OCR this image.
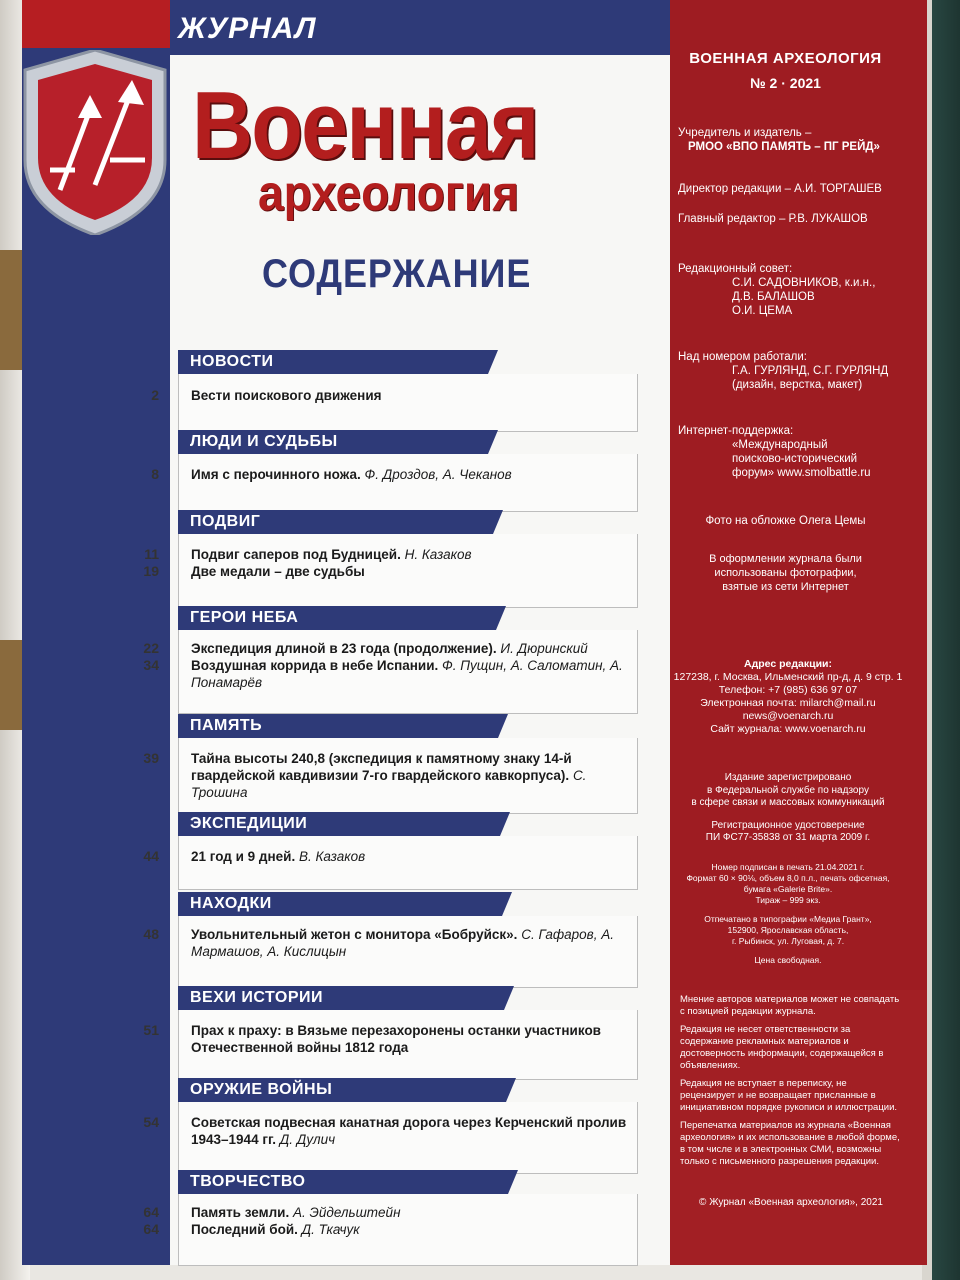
ЖУРНАЛ
Военная
археология
СОДЕРЖАНИЕ
НОВОСТИ
2 Вести поискового движения
ЛЮДИ И СУДЬБЫ
8 Имя с перочинного ножа. Ф. Дроздов, А. Чеканов
ПОДВИГ
11 Подвиг саперов под Будницей. Н. Казаков
19 Две медали – две судьбы
ГЕРОИ НЕБА
22 Экспедиция длиной в 23 года (продолжение). И. Дюринский
34 Воздушная коррида в небе Испании. Ф. Пущин, А. Саломатин, А. Понамарёв
ПАМЯТЬ
39 Тайна высоты 240,8 (экспедиция к памятному знаку 14-й гвардейской кавдивизии 7-го гвардейского кавкорпуса). С. Трошина
ЭКСПЕДИЦИИ
44 21 год и 9 дней. В. Казаков
НАХОДКИ
48 Увольнительный жетон с монитора «Бобруйск». С. Гафаров, А. Мармашов, А. Кислицын
ВЕХИ ИСТОРИИ
51 Прах к праху: в Вязьме перезахоронены останки участников Отечественной войны 1812 года
ОРУЖИЕ ВОЙНЫ
54 Советская подвесная канатная дорога через Керченский пролив 1943–1944 гг. Д. Дулич
ТВОРЧЕСТВО
64 Память земли. А. Эйдельштейн
64 Последний бой. Д. Ткачук
ВОЕННАЯ АРХЕОЛОГИЯ
№ 2 · 2021
Учредитель и издатель –
РМОО «ВПО ПАМЯТЬ – ПГ РЕЙД»
Директор редакции – А.И. ТОРГАШЕВ
Главный редактор – Р.В. ЛУКАШОВ
Редакционный совет:
С.И. САДОВНИКОВ, к.и.н.,
Д.В. БАЛАШОВ
О.И. ЦЕМА
Над номером работали:
Г.А. ГУРЛЯНД, С.Г. ГУРЛЯНД
(дизайн, верстка, макет)
Интернет-поддержка:
«Международный
поисково-исторический
форум» www.smolbattle.ru
Фото на обложке Олега Цемы
В оформлении журнала были
использованы фотографии,
взятые из сети Интернет
Адрес редакции:
127238, г. Москва, Ильменский пр-д, д. 9 стр. 1
Телефон: +7 (985) 636 97 07
Электронная почта: milarch@mail.ru
news@voenarch.ru
Сайт журнала: www.voenarch.ru
Издание зарегистрировано
в Федеральной службе по надзору
в сфере связи и массовых коммуникаций
Регистрационное удостоверение
ПИ ФС77-35838 от 31 марта 2009 г.
Номер подписан в печать 21.04.2021 г.
Формат 60 × 90⅛, объем 8,0 п.л., печать офсетная,
бумага «Galerie Brite».
Тираж – 999 экз.
Отпечатано в типографии «Медиа Грант»,
152900, Ярославская область,
г. Рыбинск, ул. Луговая, д. 7.
Цена свободная.
Мнение авторов материалов может не совпадать с позицией редакции журнала.
Редакция не несет ответственности за содержание рекламных материалов и достоверность информации, содержащейся в объявлениях.
Редакция не вступает в переписку, не рецензирует и не возвращает присланные в инициативном порядке рукописи и иллюстрации.
Перепечатка материалов из журнала «Военная археология» и их использование в любой форме, в том числе и в электронных СМИ, возможны только с письменного разрешения редакции.
© Журнал «Военная археология», 2021
